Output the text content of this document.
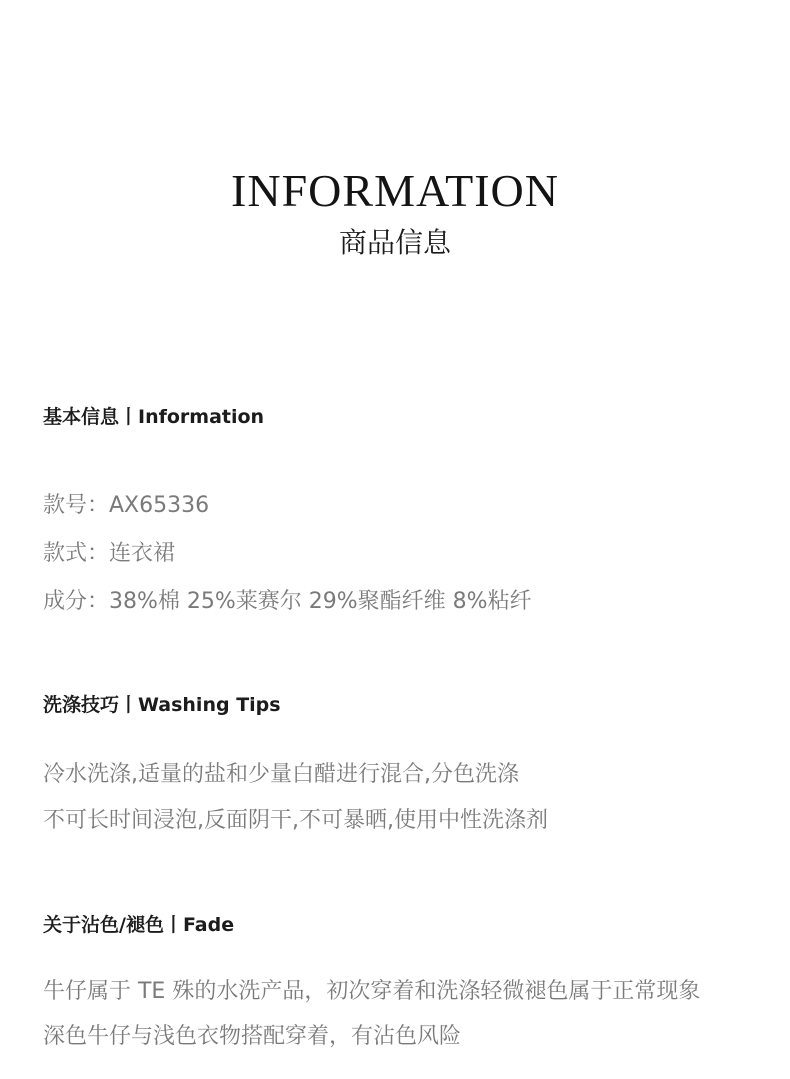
INFORMATION
商品信息
基本信息丨Information
款号：AX65336
款式：连衣裙
成分：38%棉 25%莱赛尔 29%聚酯纤维 8%粘纤
洗涤技巧丨Washing Tips
冷水洗涤,适量的盐和少量白醋进行混合,分色洗涤
不可长时间浸泡,反面阴干,不可暴晒,使用中性洗涤剂
关于沾色/褪色丨Fade
牛仔属于 TE 殊的水洗产品，初次穿着和洗涤轻微褪色属于正常现象
深色牛仔与浅色衣物搭配穿着，有沾色风险
